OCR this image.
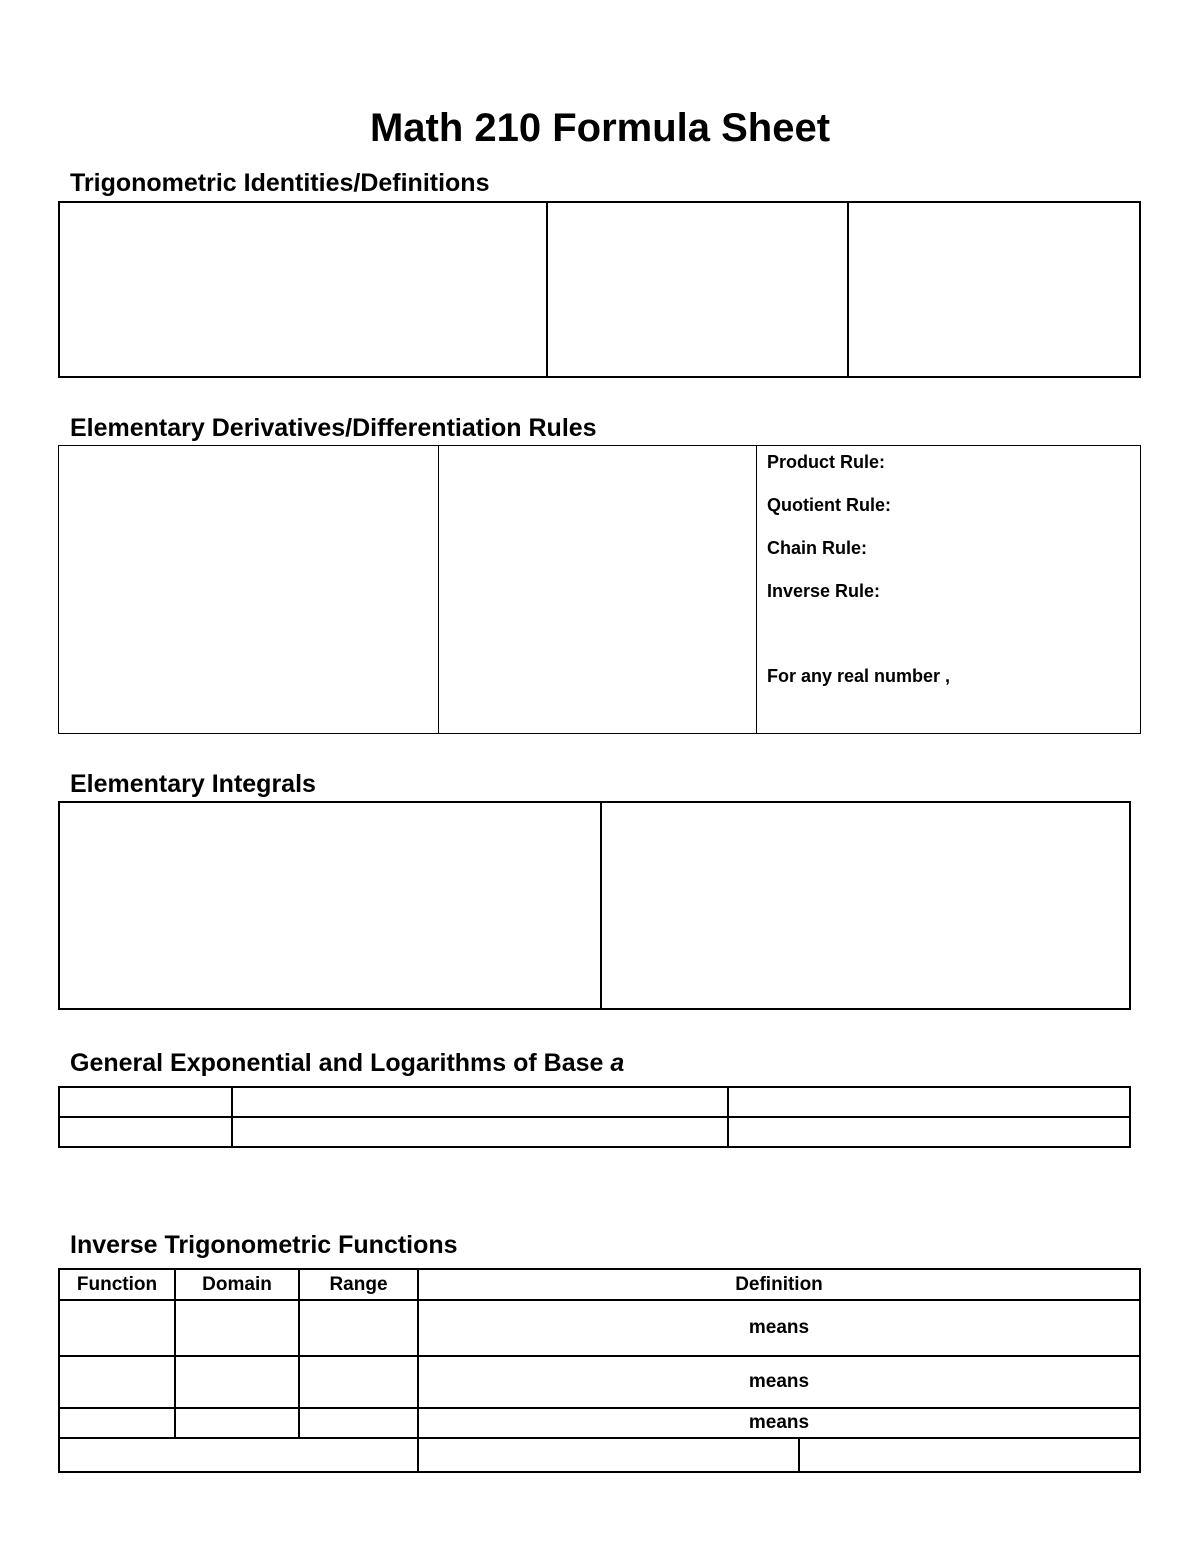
Math 210 Formula Sheet
Trigonometric Identities/Definitions
Elementary Derivatives/Differentiation Rules
Product Rule:
Quotient Rule:
Chain Rule:
Inverse Rule:
For any real number ,
Elementary Integrals
General Exponential and Logarithms of Base a

Inverse Trigonometric Functions
Function	Domain	Range	Definition	
			means	
			means	
			means	
